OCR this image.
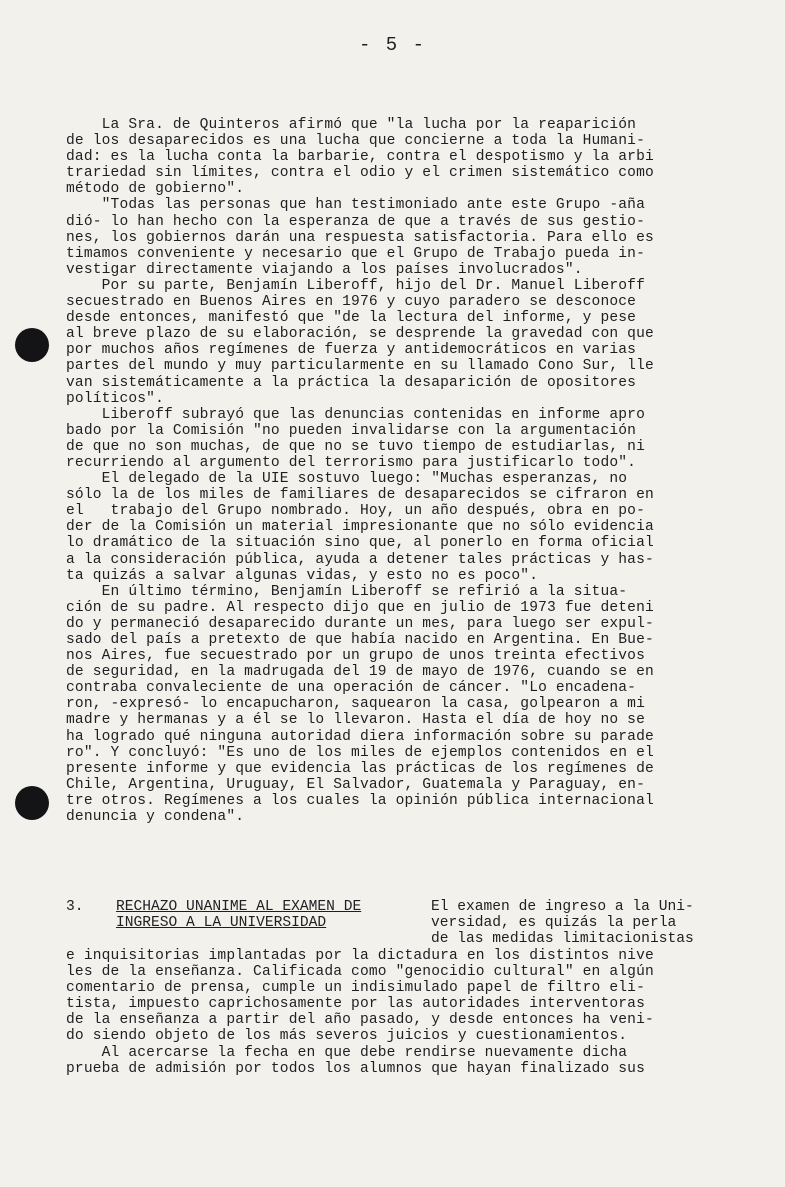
- 5 -
La Sra. de Quinteros afirmó que "la lucha por la reaparición
de los desaparecidos es una lucha que concierne a toda la Humani-
dad: es la lucha conta la barbarie, contra el despotismo y la arbi
trariedad sin límites, contra el odio y el crimen sistemático como
método de gobierno".
"Todas las personas que han testimoniado ante este Grupo -aña
dió- lo han hecho con la esperanza de que a través de sus gestio-
nes, los gobiernos darán una respuesta satisfactoria. Para ello es
timamos conveniente y necesario que el Grupo de Trabajo pueda in-
vestigar directamente viajando a los países involucrados".
Por su parte, Benjamín Liberoff, hijo del Dr. Manuel Liberoff
secuestrado en Buenos Aires en 1976 y cuyo paradero se desconoce
desde entonces, manifestó que "de la lectura del informe, y pese
al breve plazo de su elaboración, se desprende la gravedad con que
por muchos años regímenes de fuerza y antidemocráticos en varias
partes del mundo y muy particularmente en su llamado Cono Sur, lle
van sistemáticamente a la práctica la desaparición de opositores
políticos".
Liberoff subrayó que las denuncias contenidas en informe apro
bado por la Comisión "no pueden invalidarse con la argumentación
de que no son muchas, de que no se tuvo tiempo de estudiarlas, ni
recurriendo al argumento del terrorismo para justificarlo todo".
El delegado de la UIE sostuvo luego: "Muchas esperanzas, no
sólo la de los miles de familiares de desaparecidos se cifraron en
el   trabajo del Grupo nombrado. Hoy, un año después, obra en po-
der de la Comisión un material impresionante que no sólo evidencia
lo dramático de la situación sino que, al ponerlo en forma oficial
a la consideración pública, ayuda a detener tales prácticas y has-
ta quizás a salvar algunas vidas, y esto no es poco".
En último término, Benjamín Liberoff se refirió a la situa-
ción de su padre. Al respecto dijo que en julio de 1973 fue deteni
do y permaneció desaparecido durante un mes, para luego ser expul-
sado del país a pretexto de que había nacido en Argentina. En Bue-
nos Aires, fue secuestrado por un grupo de unos treinta efectivos
de seguridad, en la madrugada del 19 de mayo de 1976, cuando se en
contraba convaleciente de una operación de cáncer. "Lo encadena-
ron, -expresó- lo encapucharon, saquearon la casa, golpearon a mi
madre y hermanas y a él se lo llevaron. Hasta el día de hoy no se
ha logrado qué ninguna autoridad diera información sobre su parade
ro". Y concluyó: "Es uno de los miles de ejemplos contenidos en el
presente informe y que evidencia las prácticas de los regímenes de
Chile, Argentina, Uruguay, El Salvador, Guatemala y Paraguay, en-
tre otros. Regímenes a los cuales la opinión pública internacional
denuncia y condena".
3. RECHAZO UNANIME AL EXAMEN DE
INGRESO A LA UNIVERSIDAD
El examen de ingreso a la Uni-
versidad, es quizás la perla
de las medidas limitacionistas
e inquisitorias implantadas por la dictadura en los distintos nive
les de la enseñanza. Calificada como "genocidio cultural" en algún
comentario de prensa, cumple un indisimulado papel de filtro eli-
tista, impuesto caprichosamente por las autoridades interventoras
de la enseñanza a partir del año pasado, y desde entonces ha veni-
do siendo objeto de los más severos juicios y cuestionamientos.
Al acercarse la fecha en que debe rendirse nuevamente dicha
prueba de admisión por todos los alumnos que hayan finalizado sus
